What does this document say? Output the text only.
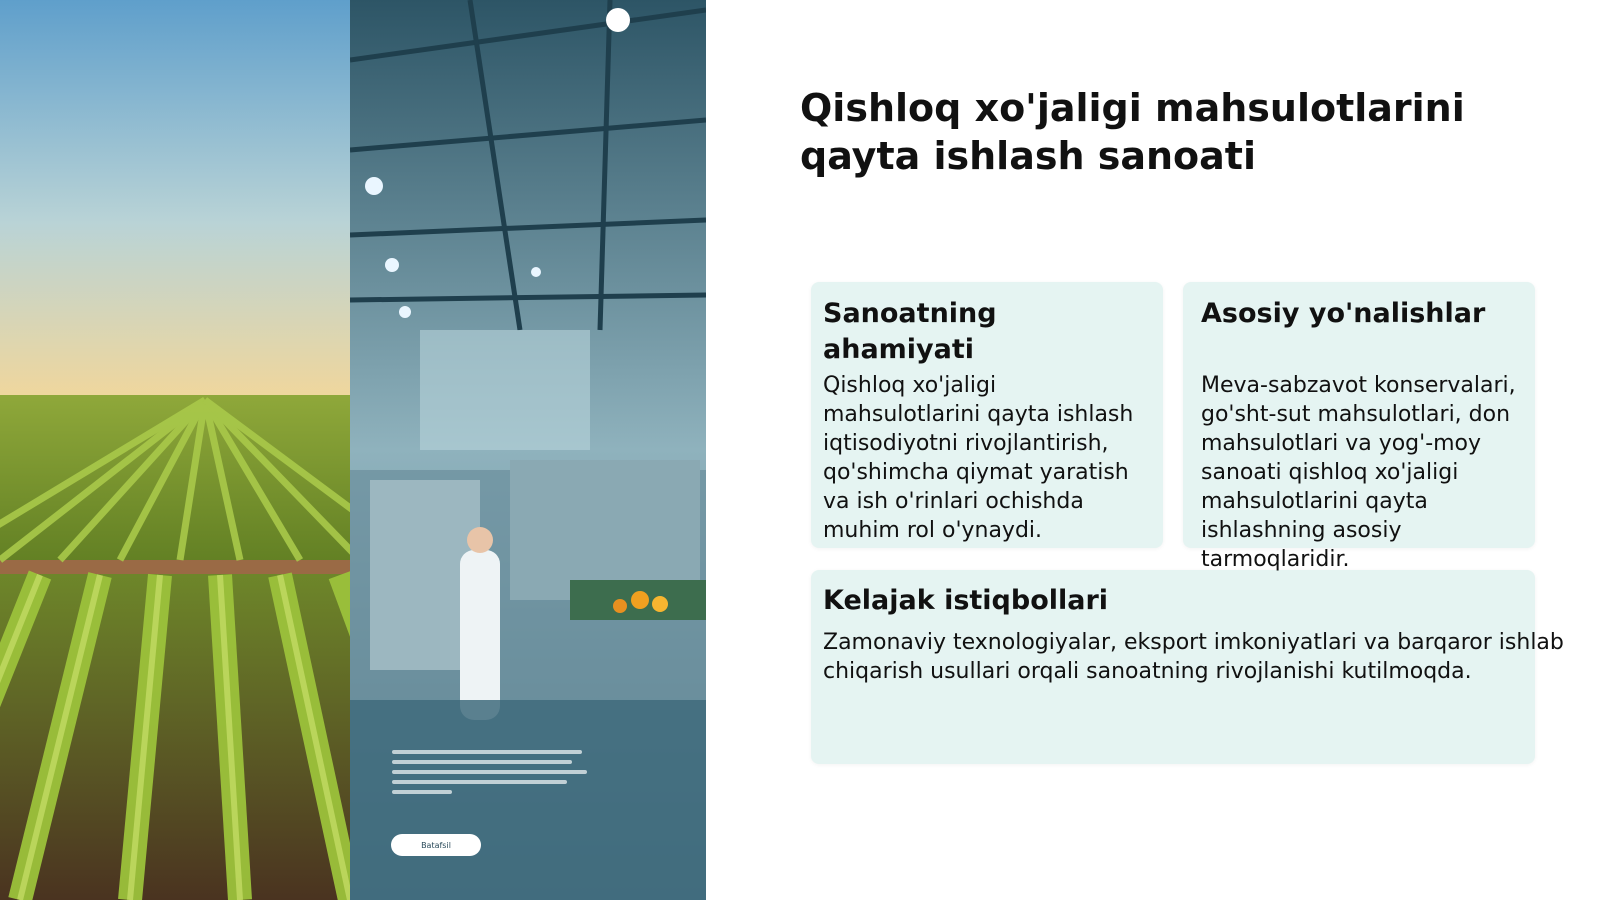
Batafsil
Qishloq xo'jaligi mahsulotlarini qayta ishlash sanoati
Sanoatning ahamiyati
Qishloq xo'jaligi mahsulotlarini qayta ishlash iqtisodiyotni rivojlantirish, qo'shimcha qiymat yaratish va ish o'rinlari ochishda muhim rol o'ynaydi.
Asosiy yo'nalishlar
Meva-sabzavot konservalari, go'sht-sut mahsulotlari, don mahsulotlari va yog'-moy sanoati qishloq xo'jaligi mahsulotlarini qayta ishlashning asosiy tarmoqlaridir.
Kelajak istiqbollari
Zamonaviy texnologiyalar, eksport imkoniyatlari va barqaror ishlab chiqarish usullari orqali sanoatning rivojlanishi kutilmoqda.
